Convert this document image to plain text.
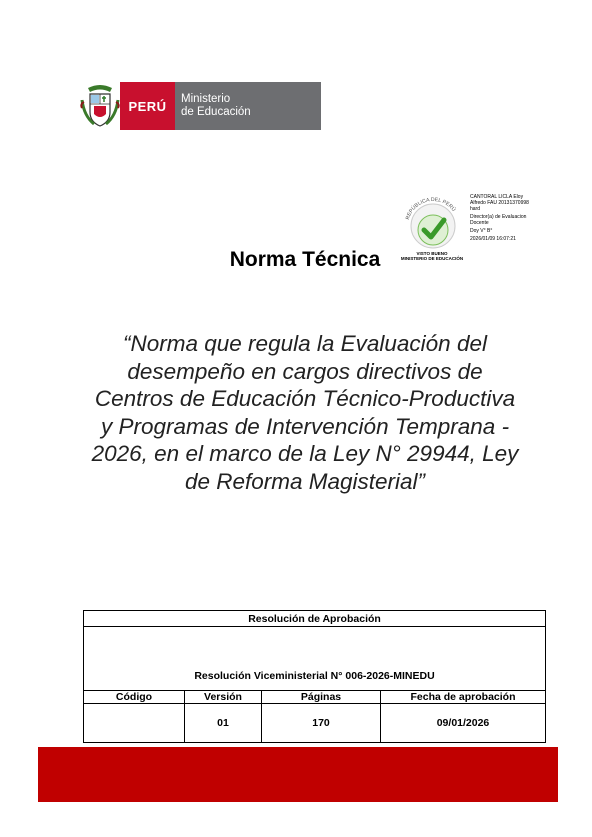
PERÚ	Ministerio
de Educación
REPÚBLICA DEL PERÚ
VISTO BUENO
MINISTERIO DE EDUCACIÓN
CANTORAL LICLA Eloy
Alfredo FAU 20131370998
hard
Director(a) de Evaluacion
Docente
Doy V° B°
2026/01/09 16:07:21
Norma Técnica
“Norma que regula la Evaluación del desempeño en cargos directivos de Centros de Educación Técnico-Productiva y Programas de Intervención Temprana - 2026, en el marco de la Ley N° 29944, Ley de Reforma Magisterial”
Resolución de Aprobación			
Resolución Viceministerial N° 006-2026-MINEDU			
Código	Versión	Páginas	Fecha de aprobación
	01	170	09/01/2026
